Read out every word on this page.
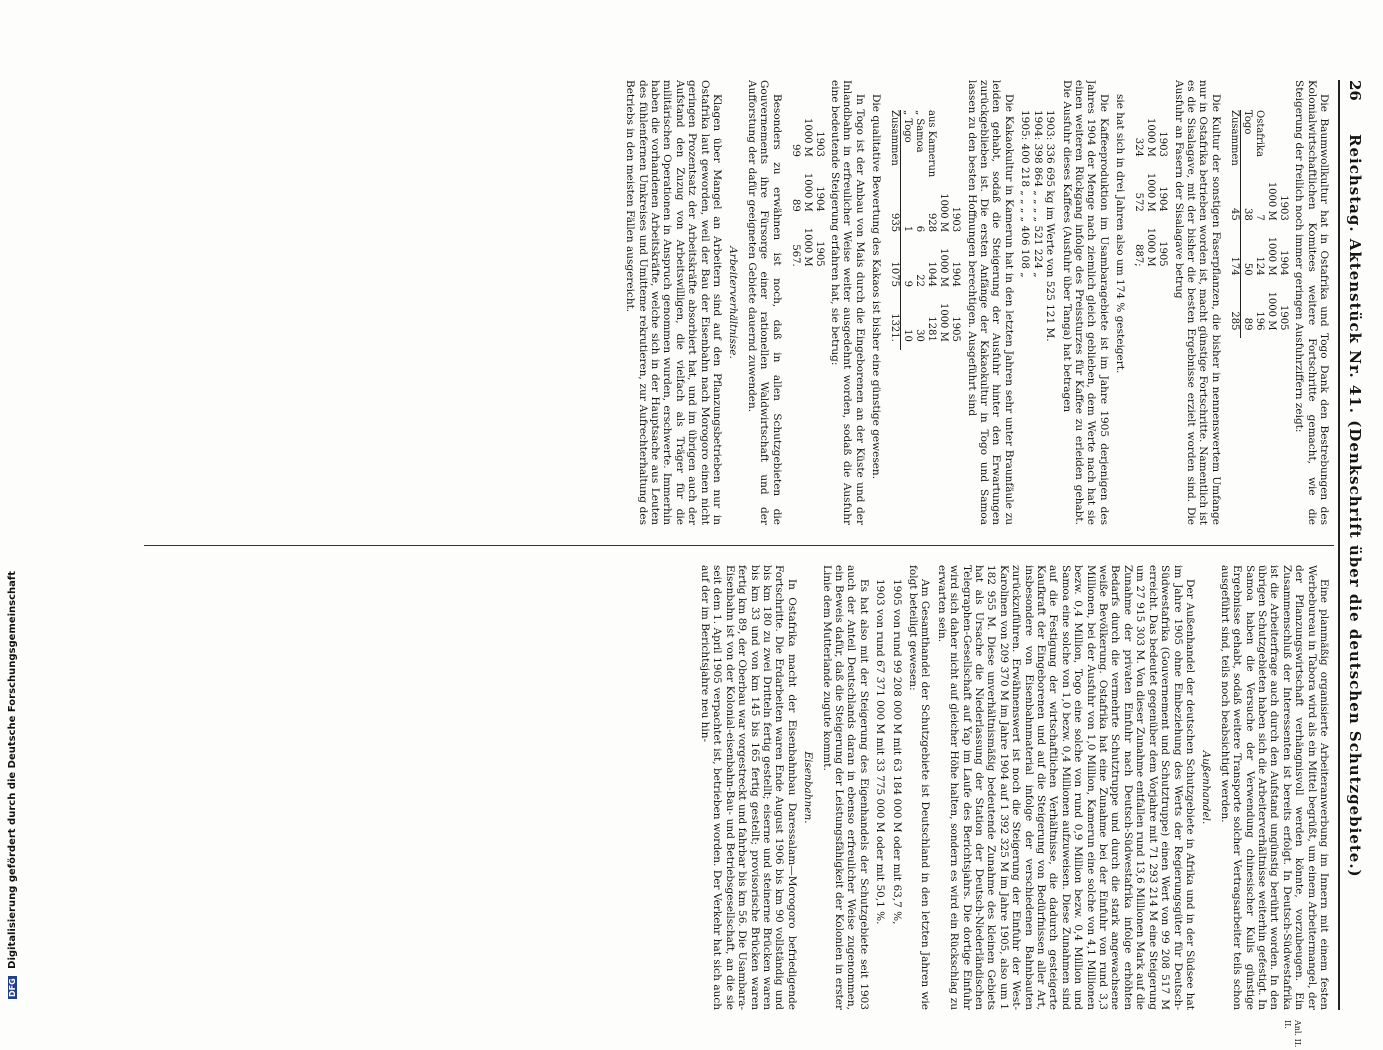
26
Reichstag. Aktenstück Nr. 41. (Denkschrift über die deutschen Schutzgebiete.)
Anl. II. II.

Die Baumwollkultur hat in Ostafrika und Togo Dank den Bestrebungen des Kolonialwirtschaftlichen Komitees weitere Fortschritte gemacht, wie die Steigerung der freilich noch immer geringen Ausfuhrziffern zeigt:

	1903	1904	1905
	1000 M	1000 M	1000 M
Ostafrika	7	124	196
Togo	38	50	89
Zusammen	45	174	285

Die Kultur der sonstigen Faserpflanzen, die bisher in nennenswertem Umfange nur in Ostafrika betrieben worden ist, macht günstige Fortschritte. Namentlich ist es die Sisalagave, mit der bisher die besten Ergebnisse erzielt worden sind. Die Ausfuhr an Fasern der Sisalagave betrug

1903	1904	1905
1000 M	1000 M	1000 M
324	572	887;

sie hat sich in drei Jahren also um 174 % gesteigert.

Die Kaffeeproduktion im Usambaragebiete ist im Jahre 1905 derjenigen des Jahres 1904 der Menge nach ziemlich gleich geblieben, dem Werte nach hat sie einen weiteren Rückgang infolge des Preissturzes für Kaffee zu erleiden gehabt. Die Ausfuhr dieses Kaffees (Ausfuhr über Tanga) hat betragen

1903: 336 695 kg im Werte von 525 121 M.
1904: 398 864 „ „ „ „ 521 224 „
1905: 400 218 „ „ „ „ 406 108 „

Die Kakaokultur in Kamerun hat in den letzten Jahren sehr unter Braunfäule zu leiden gehabt, sodaß die Steigerung der Ausfuhr hinter den Erwartungen zurückgeblieben ist. Die ersten Anfänge der Kakaokultur in Togo und Samoa lassen zu den besten Hoffnungen berechtigen. Ausgeführt sind

	1903	1904	1905
	1000 M	1000 M	1000 M
aus Kamerun	928	1044	1281
„ Samoa	6	22	30
„ Togo	1	9	10
Zusammen	935	1075	1321.

Die qualitative Bewertung des Kakaos ist bisher eine günstige gewesen.

In Togo ist der Anbau von Mais durch die Eingeborenen an der Küste und der Inlandbahn in erfreulicher Weise weiter ausgedehnt worden, sodaß die Ausfuhr eine bedeutende Steigerung erfahren hat, sie betrug:

1903	1904	1905
1000 M	1000 M	1000 M
99	89	567.

Besonders zu erwähnen ist noch, daß in allen Schutzgebieten die Gouvernements ihre Fürsorge einer rationellen Waldwirtschaft und der Aufforstung der dafür geeigneten Gebiete dauernd zuwenden.

Arbeiterverhältnisse.

Klagen über Mangel an Arbeitern sind auf den Pflanzungsbetrieben nur in Ostafrika laut geworden, weil der Bau der Eisenbahn nach Morogoro einen nicht geringen Prozentsatz der Arbeitskräfte absorbiert hat, und im übrigen auch der Aufstand den Zuzug von Arbeitswilligen, die vielfach als Träger für die militärischen Operationen in Anspruch genommen wurden, erschwerte. Immerhin haben die vorhandenen Arbeitskräfte, welche sich in der Hauptsache aus Leuten des fühlenfernen Umkreises und Umitteme rekrutieren, zur Aufrechterhaltung des Betriebs in den meisten Fällen ausgereicht.

Eine planmäßig organisierte Arbeiteranwerbung im Innern mit einem festen Werbebureau in Tabora wird als ein Mittel begrüßt, um einem Arbeitermangel, der der Pflanzungswirtschaft verhängnisvoll werden könnte, vorzubeugen. Ein Zusammenschluß der Interessenten ist bereits erfolgt. In Deutsch-Südwestafrika ist die Arbeiterfrage auch durch den Aufstand ungünstig berührt worden. In den übrigen Schutzgebieten haben sich die Arbeiterverhältnisse weiterhin gefestigt. In Samoa haben die Versuche der Verwendung chinesischer Kulis günstige Ergebnisse gehabt, sodaß weitere Transporte solcher Vertragsarbeiter teils schon ausgeführt sind, teils noch beabsichtigt werden.

Außenhandel.

Der Außenhandel der deutschen Schutzgebiete in Afrika und in der Südsee hat im Jahre 1905 ohne Einbeziehung des Werts der Regierungsgüter für Deutsch-Südwestafrika (Gouvernement und Schutztruppe) einen Wert von 99 208 517 M erreicht. Das bedeutet gegenüber dem Vorjahre mit 71 293 214 M eine Steigerung um 27 915 303 M. Von dieser Zunahme entfallen rund 13,6 Millionen Mark auf die Zunahme der privaten Einfuhr nach Deutsch-Südwestafrika infolge erhöhten Bedarfs durch die vermehrte Schutztruppe und durch die stark angewachsene weiße Bevölkerung. Ostafrika hat eine Zunahme bei der Einfuhr von rund 3,3 Millionen, bei der Ausfuhr von 1,0 Million, Kamerun eine solche von 4,1 Millionen bezw. 0,4 Million, Togo eine solche von rund 0,9 Million bezw. 0,4 Million und Samoa eine solche von 1,0 bezw. 0,4 Millionen aufzuweisen. Diese Zunahmen sind auf die Festigung der wirtschaftlichen Verhältnisse, die dadurch gesteigerte Kaufkraft der Eingeborenen und auf die Steigerung von Bedürfnissen aller Art, insbesondere von Eisenbahnmaterial infolge der verschiedenen Bahnbauten zurückzuführen. Erwähnenswert ist noch die Steigerung der Einfuhr der West-Karolinen von 209 370 M im Jahre 1904 auf 1 392 325 M im Jahre 1905, also um 1 182 955 M. Diese unverhältnismäßig bedeutende Zunahme des kleinen Gebiets hat als Ursache die Niederlassung der Station der Deutsch-Niederländischen Telegraphen-Gesellschaft auf Yap im Laufe des Berichtsjahrs. Die dortige Einfuhr wird sich daher nicht auf gleicher Höhe halten, sondern es wird ein Rückschlag zu erwarten sein.

Am Gesamthandel der Schutzgebiete ist Deutschland in den letzten Jahren wie folgt beteiligt gewesen:

1905 von rund 99 208 000 M mit 63 184 000 M oder mit 63,7 %,

1903 von rund 67 371 000 M mit 33 775 000 M oder mit 50,1 %.

Es hat also mit der Steigerung des Eigenhandels der Schutzgebiete seit 1903 auch der Anteil Deutschlands daran in ebenso erfreulicher Weise zugenommen, ein Beweis dafür, daß die Steigerung der Leistungsfähigkeit der Kolonien in erster Linie dem Mutterlande zugute kommt.

Eisenbahnen.

In Ostafrika macht der Eisenbahnbau Daressalam—Morogoro befriedigende Fortschritte. Die Erdarbeiten waren Ende August 1906 bis km 90 vollständig und bis km 180 zu zwei Dritteln fertig gestellt; eiserne und steinerne Brücken waren bis km 33 und von km 145 bis 165 fertig gestellt; provisorische Brücken waren fertig km 89, der Oberbau war vorgestreckt und fahrbar bis km 56. Die Usambara-Eisenbahn ist von der Kolonial-eisenbahn-Bau- und Betriebsgesellschaft, an die sie seit dem 1. April 1905 verpachtet ist, betrieben worden. Der Verkehr hat sich auch auf der im Berichtsjahre neu hin-

DFG Digitalisierung gefördert durch die Deutsche Forschungsgemeinschaft
